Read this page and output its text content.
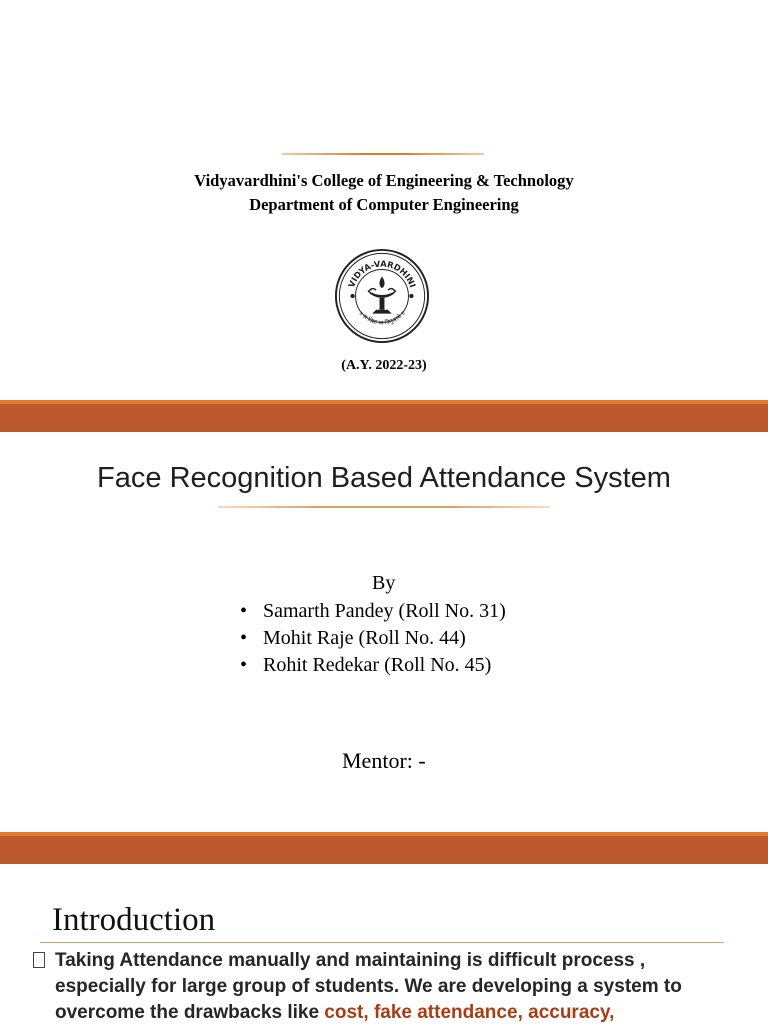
Vidyavardhini's College of Engineering & Technology
Department of Computer Engineering
VIDYA-VARDHINI
॥ स विद्या या विमुक्तये ॥
(A.Y. 2022-23)
Face Recognition Based Attendance System
By
• Samarth Pandey (Roll No. 31)
• Mohit Raje (Roll No. 44)
• Rohit Redekar (Roll No. 45)
Mentor: -
Introduction
Taking Attendance manually and maintaining is difficult process , especially for large group of students. We are developing a system to overcome the drawbacks like cost, fake attendance, accuracy,
